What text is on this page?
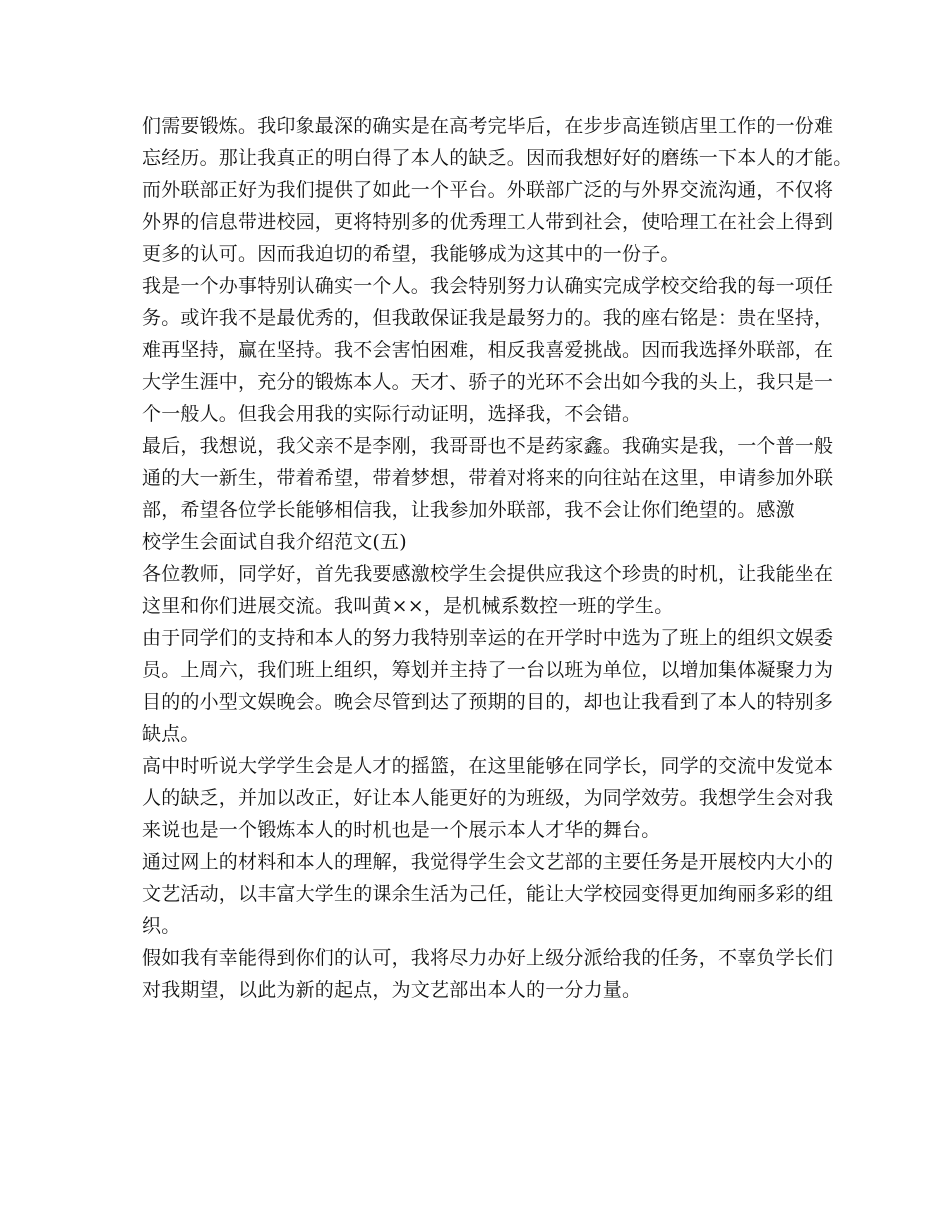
们需要锻炼。我印象最深的确实是在高考完毕后，在步步高连锁店里工作的一份难
忘经历。那让我真正的明白得了本人的缺乏。因而我想好好的磨练一下本人的才能。
而外联部正好为我们提供了如此一个平台。外联部广泛的与外界交流沟通，不仅将
外界的信息带进校园，更将特别多的优秀理工人带到社会，使哈理工在社会上得到
更多的认可。因而我迫切的希望，我能够成为这其中的一份子。
我是一个办事特别认确实一个人。我会特别努力认确实完成学校交给我的每一项任
务。或许我不是最优秀的，但我敢保证我是最努力的。我的座右铭是：贵在坚持，
难再坚持，赢在坚持。我不会害怕困难，相反我喜爱挑战。因而我选择外联部，在
大学生涯中，充分的锻炼本人。天才、骄子的光环不会出如今我的头上，我只是一
个一般人。但我会用我的实际行动证明，选择我，不会错。
最后，我想说，我父亲不是李刚，我哥哥也不是药家鑫。我确实是我，一个普一般
通的大一新生，带着希望，带着梦想，带着对将来的向往站在这里，申请参加外联
部，希望各位学长能够相信我，让我参加外联部，我不会让你们绝望的。感激
校学生会面试自我介绍范文(五)
各位教师，同学好，首先我要感激校学生会提供应我这个珍贵的时机，让我能坐在
这里和你们进展交流。我叫黄××，是机械系数控一班的学生。
由于同学们的支持和本人的努力我特别幸运的在开学时中选为了班上的组织文娱委
员。上周六，我们班上组织，筹划并主持了一台以班为单位，以增加集体凝聚力为
目的的小型文娱晚会。晚会尽管到达了预期的目的，却也让我看到了本人的特别多
缺点。
高中时听说大学学生会是人才的摇篮，在这里能够在同学长，同学的交流中发觉本
人的缺乏，并加以改正，好让本人能更好的为班级，为同学效劳。我想学生会对我
来说也是一个锻炼本人的时机也是一个展示本人才华的舞台。
通过网上的材料和本人的理解，我觉得学生会文艺部的主要任务是开展校内大小的
文艺活动，以丰富大学生的课余生活为己任，能让大学校园变得更加绚丽多彩的组
织。
假如我有幸能得到你们的认可，我将尽力办好上级分派给我的任务，不辜负学长们
对我期望，以此为新的起点，为文艺部出本人的一分力量。
